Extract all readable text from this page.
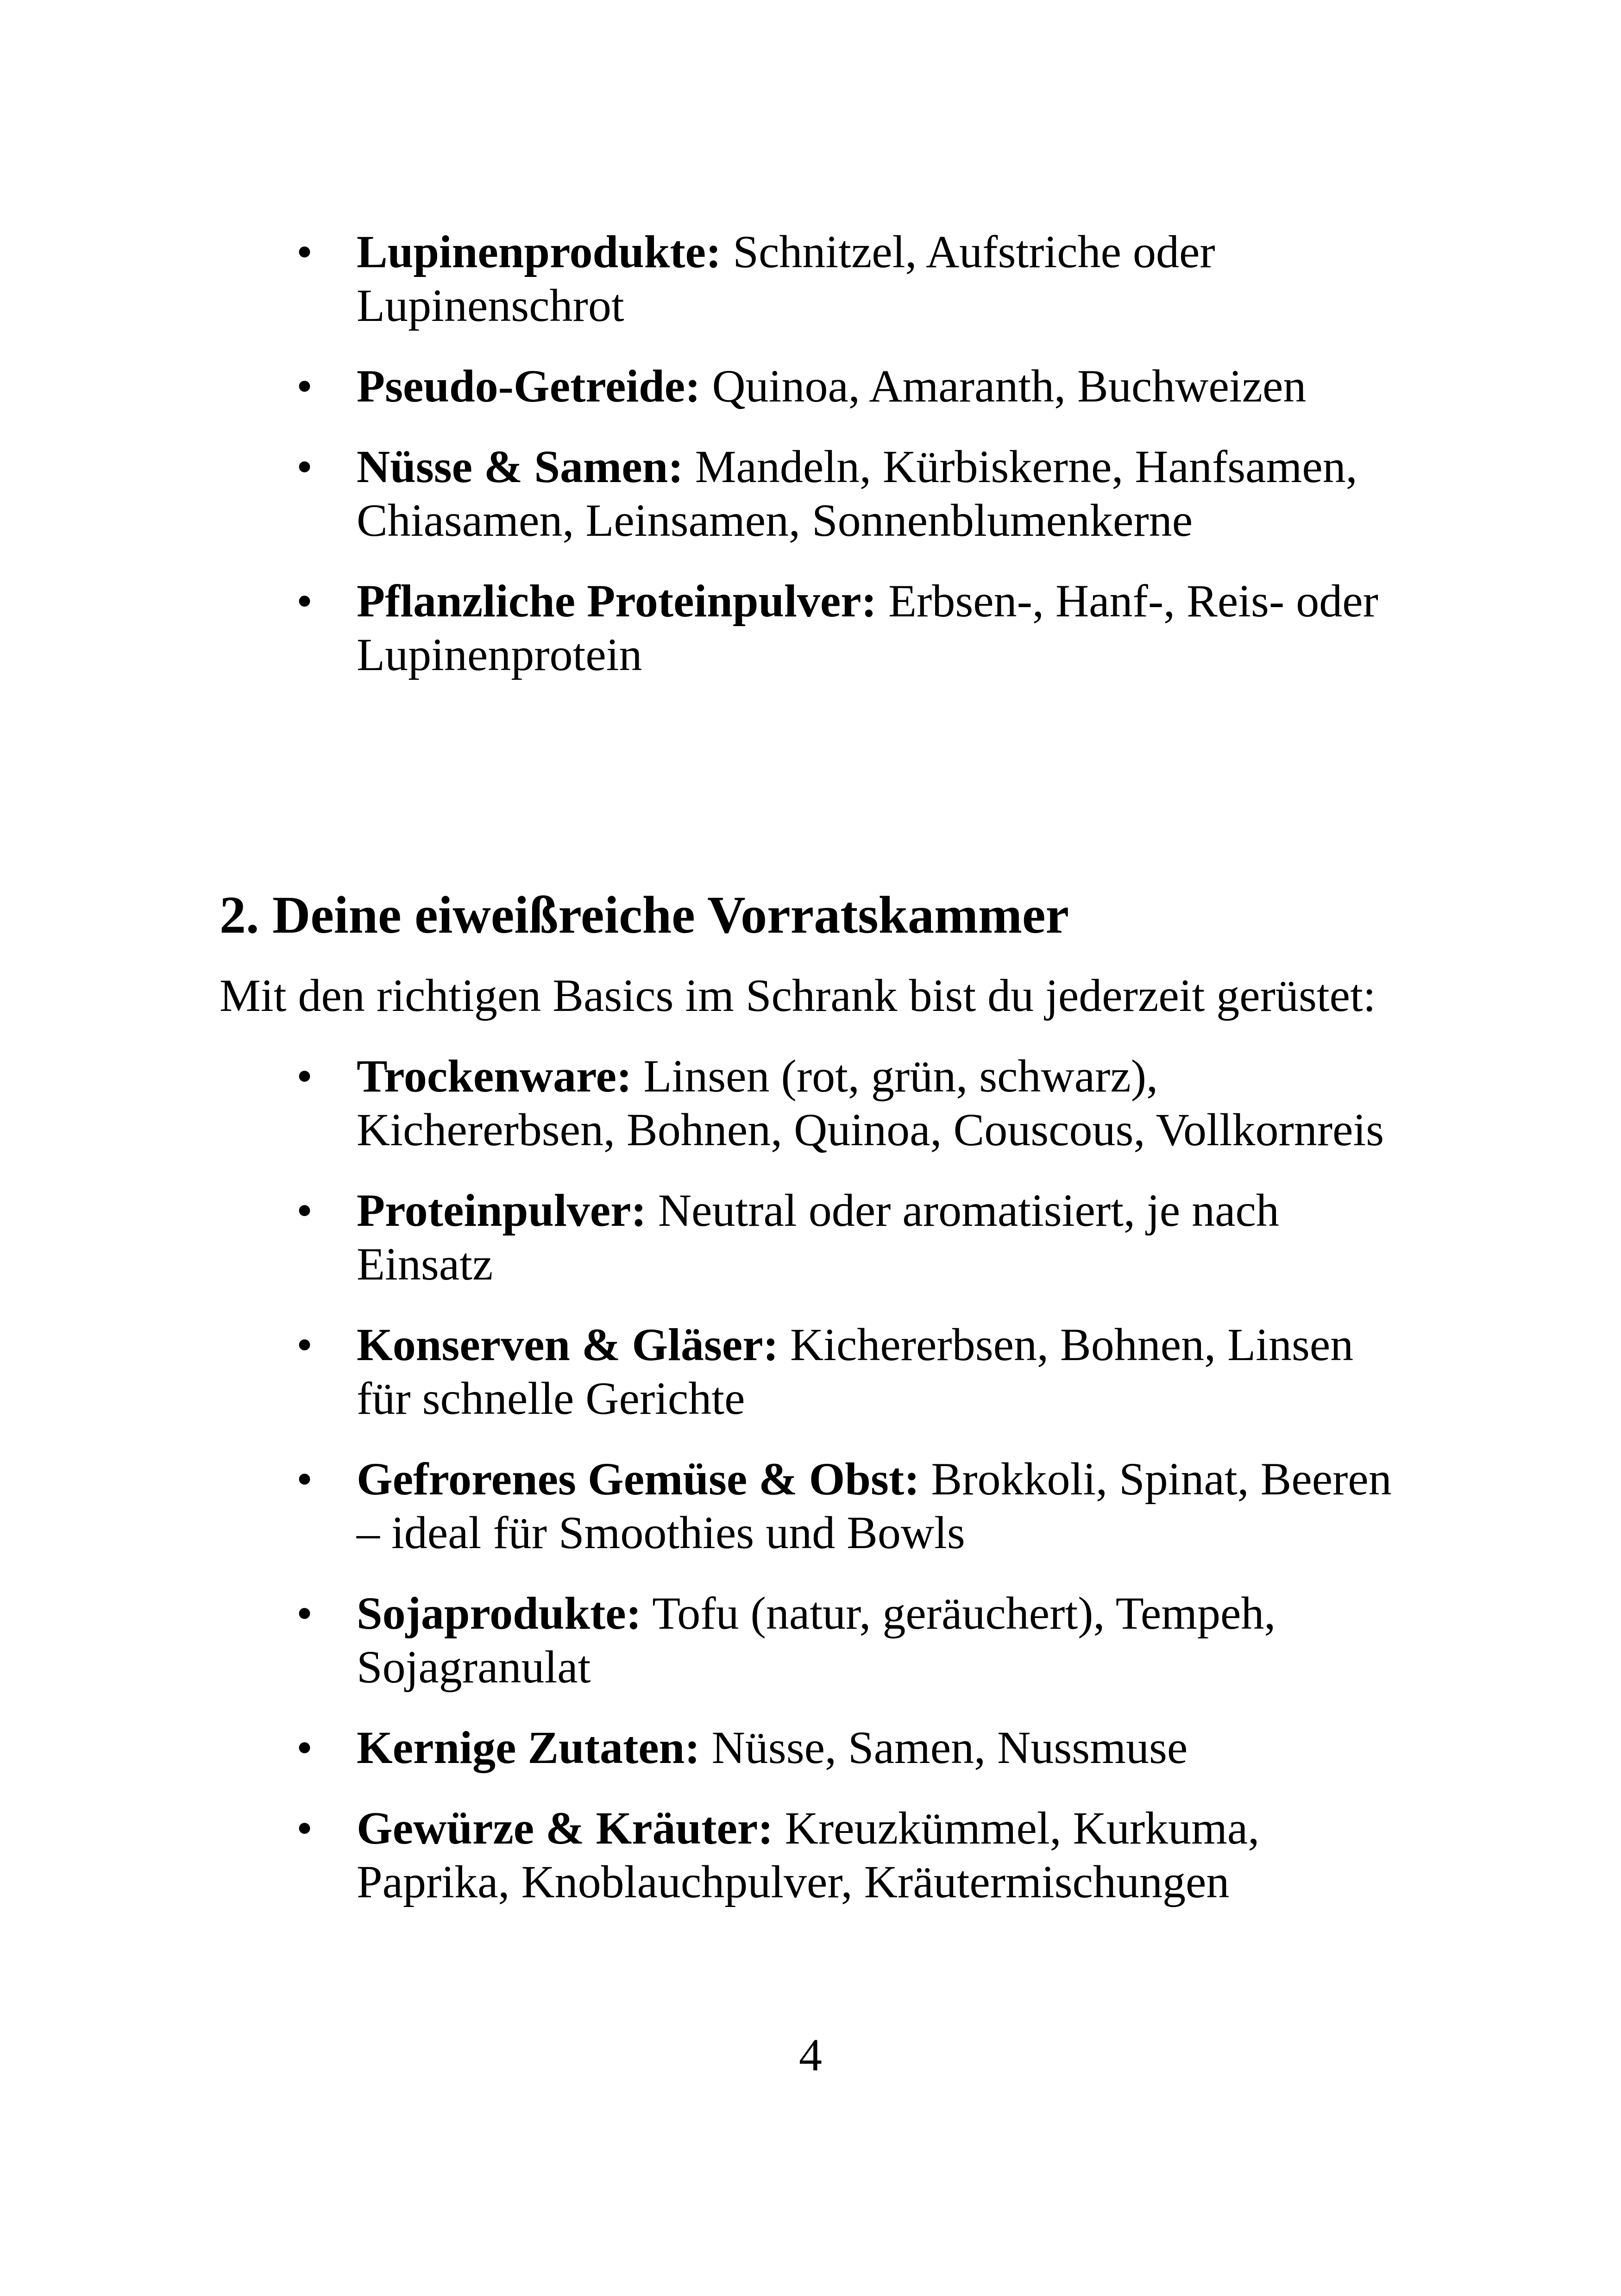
• Lupinenprodukte: Schnitzel, Aufstriche oder Lupinenschrot
• Pseudo-Getreide: Quinoa, Amaranth, Buchweizen
• Nüsse & Samen: Mandeln, Kürbiskerne, Hanfsamen, Chiasamen, Leinsamen, Sonnenblumenkerne
• Pflanzliche Proteinpulver: Erbsen-, Hanf-, Reis- oder Lupinenprotein
2. Deine eiweißreiche Vorratskammer

Mit den richtigen Basics im Schrank bist du jederzeit gerüstet:

• Trockenware: Linsen (rot, grün, schwarz), Kichererbsen, Bohnen, Quinoa, Couscous, Vollkornreis
• Proteinpulver: Neutral oder aromatisiert, je nach Einsatz
• Konserven & Gläser: Kichererbsen, Bohnen, Linsen für schnelle Gerichte
• Gefrorenes Gemüse & Obst: Brokkoli, Spinat, Beeren – ideal für Smoothies und Bowls
• Sojaprodukte: Tofu (natur, geräuchert), Tempeh, Sojagranulat
• Kernige Zutaten: Nüsse, Samen, Nussmuse
• Gewürze & Kräuter: Kreuzkümmel, Kurkuma, Paprika, Knoblauchpulver, Kräutermischungen
4
